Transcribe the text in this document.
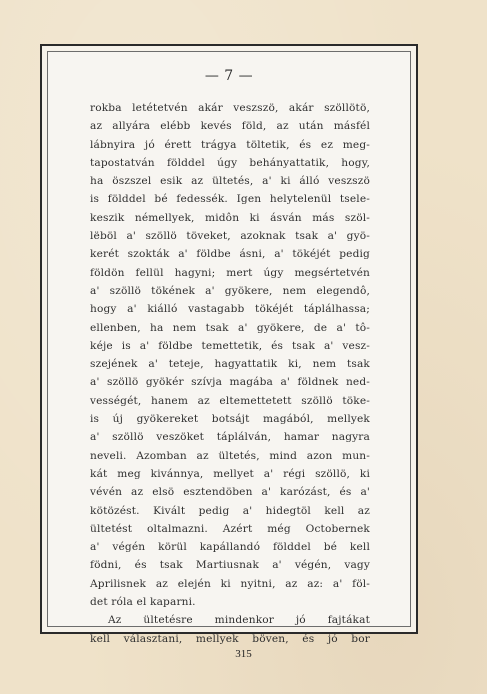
— 7 —
rokba letétetvén akár veszszö, akár szöllötö,
az allyára elébb kevés föld, az után másfél
lábnyira jó érett trágya töltetik, és ez meg-
tapostatván földdel úgy behányattatik, hogy,
ha öszszel esik az ültetés, a' ki álló veszszö
is földdel bé fedessék. Igen helytelenül tsele-
keszik némellyek, midôn ki ásván más szöl-
lëböl a' szöllö töveket, azoknak tsak a' gyö-
kerét szokták a' földbe ásni, a' tökéjét pedig
földön fellül hagyni; mert úgy megsértetvén
a' szöllö tökének a' gyökere, nem elegendô,
hogy a' kiálló vastagabb tökéjét táplálhassa;
ellenben, ha nem tsak a' gyökere, de a' tô-
kéje is a' földbe temettetik, és tsak a' vesz-
szejének a' teteje, hagyattatik ki, nem tsak
a' szöllö gyökér szívja magába a' földnek ned-
vességét, hanem az eltemettetett szöllö töke-
is új gyökereket botsájt magából, mellyek
a' szöllö veszöket táplálván, hamar nagyra
neveli. Azomban az ültetés, mind azon mun-
kát meg kivánnya, mellyet a' régi szöllö, ki
vévén az elsö esztendöben a' karózást, és a'
kötözést. Kivált pedig a' hidegtöl kell az
ültetést oltalmazni. Azért még Octobernek
a' végén körül kapállandó földdel bé kell
födni, és tsak Martiusnak a' végén, vagy
Aprilisnek az elején ki nyitni, az az: a' föl-
det róla el kaparni.
Az ültetésre mindenkor jó fajtákat
kell választani, mellyek böven, és jó bor
315
